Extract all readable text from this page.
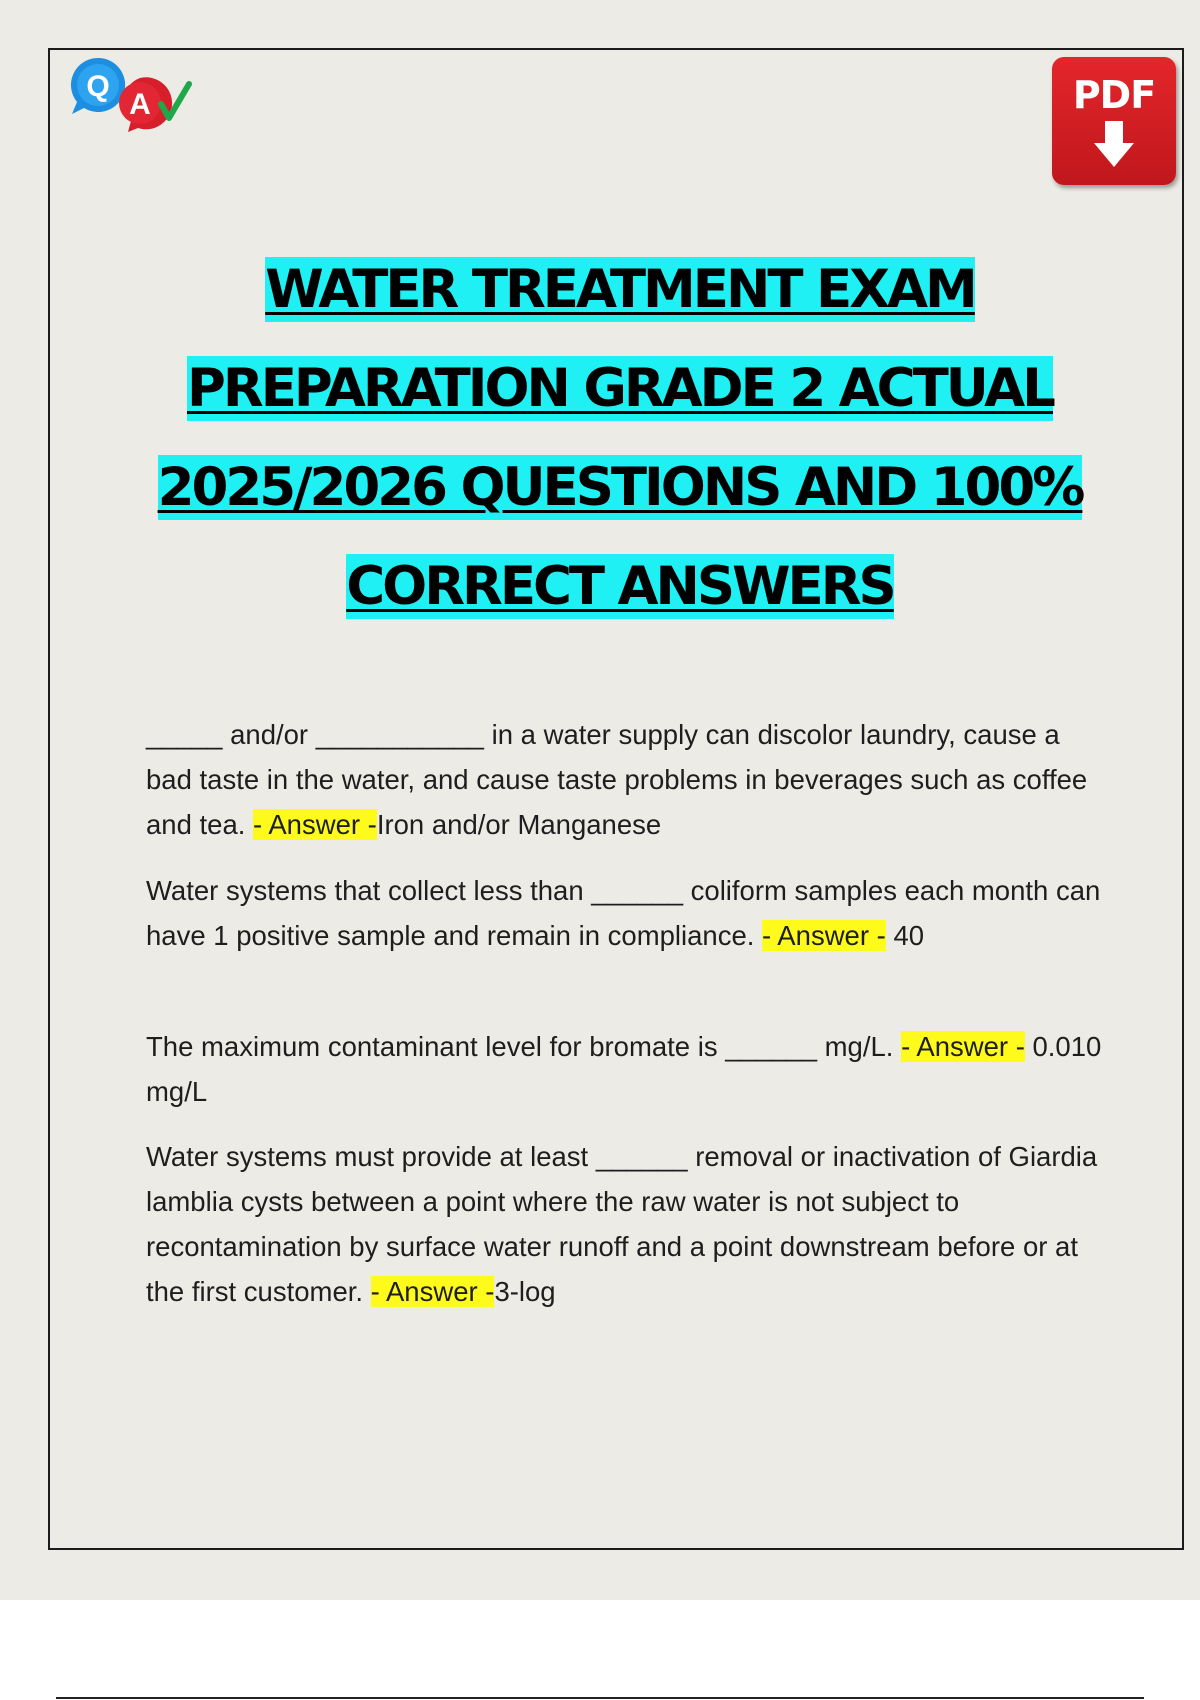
Q
A	PDF
WATER TREATMENT EXAM
PREPARATION GRADE 2 ACTUAL
2025/2026 QUESTIONS AND 100%
CORRECT ANSWERS

_____ and/or ___________ in a water supply can discolor laundry, cause a bad taste in the water, and cause taste problems in beverages such as coffee and tea. - Answer -Iron and/or Manganese

Water systems that collect less than ______ coliform samples each month can have 1 positive sample and remain in compliance. - Answer - 40

The maximum contaminant level for bromate is ______ mg/L. - Answer - 0.010 mg/L

Water systems must provide at least ______ removal or inactivation of Giardia lamblia cysts between a point where the raw water is not subject to recontamination by surface water runoff and a point downstream before or at the first customer. - Answer -3-log
